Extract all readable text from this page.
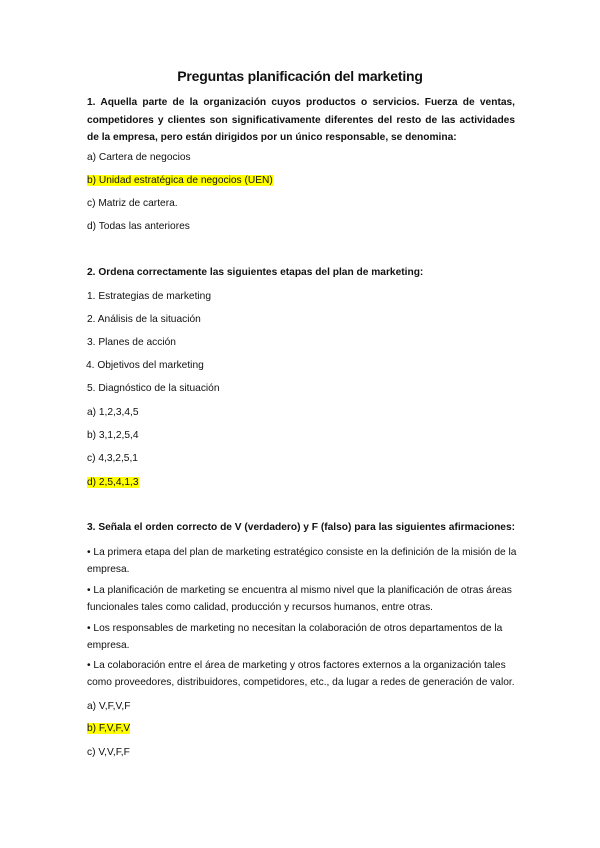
Preguntas planificación del marketing
1. Aquella parte de la organización cuyos productos o servicios. Fuerza de ventas, competidores y clientes son significativamente diferentes del resto de las actividades de la empresa, pero están dirigidos por un único responsable, se denomina:
a) Cartera de negocios
b) Unidad estratégica de negocios (UEN)
c) Matriz de cartera.
d) Todas las anteriores
2. Ordena correctamente las siguientes etapas del plan de marketing:
1. Estrategias de marketing
2. Análisis de la situación
3. Planes de acción
4. Objetivos del marketing
5. Diagnóstico de la situación
a) 1,2,3,4,5
b) 3,1,2,5,4
c) 4,3,2,5,1
d) 2,5,4,1,3
3. Señala el orden correcto de V (verdadero) y F (falso) para las siguientes afirmaciones:
• La primera etapa del plan de marketing estratégico consiste en la definición de la misión de la empresa.
• La planificación de marketing se encuentra al mismo nivel que la planificación de otras áreas funcionales tales como calidad, producción y recursos humanos, entre otras.
• Los responsables de marketing no necesitan la colaboración de otros departamentos de la empresa.
• La colaboración entre el área de marketing y otros factores externos a la organización tales como proveedores, distribuidores, competidores, etc., da lugar a redes de generación de valor.
a) V,F,V,F
b) F,V,F,V
c) V,V,F,F
